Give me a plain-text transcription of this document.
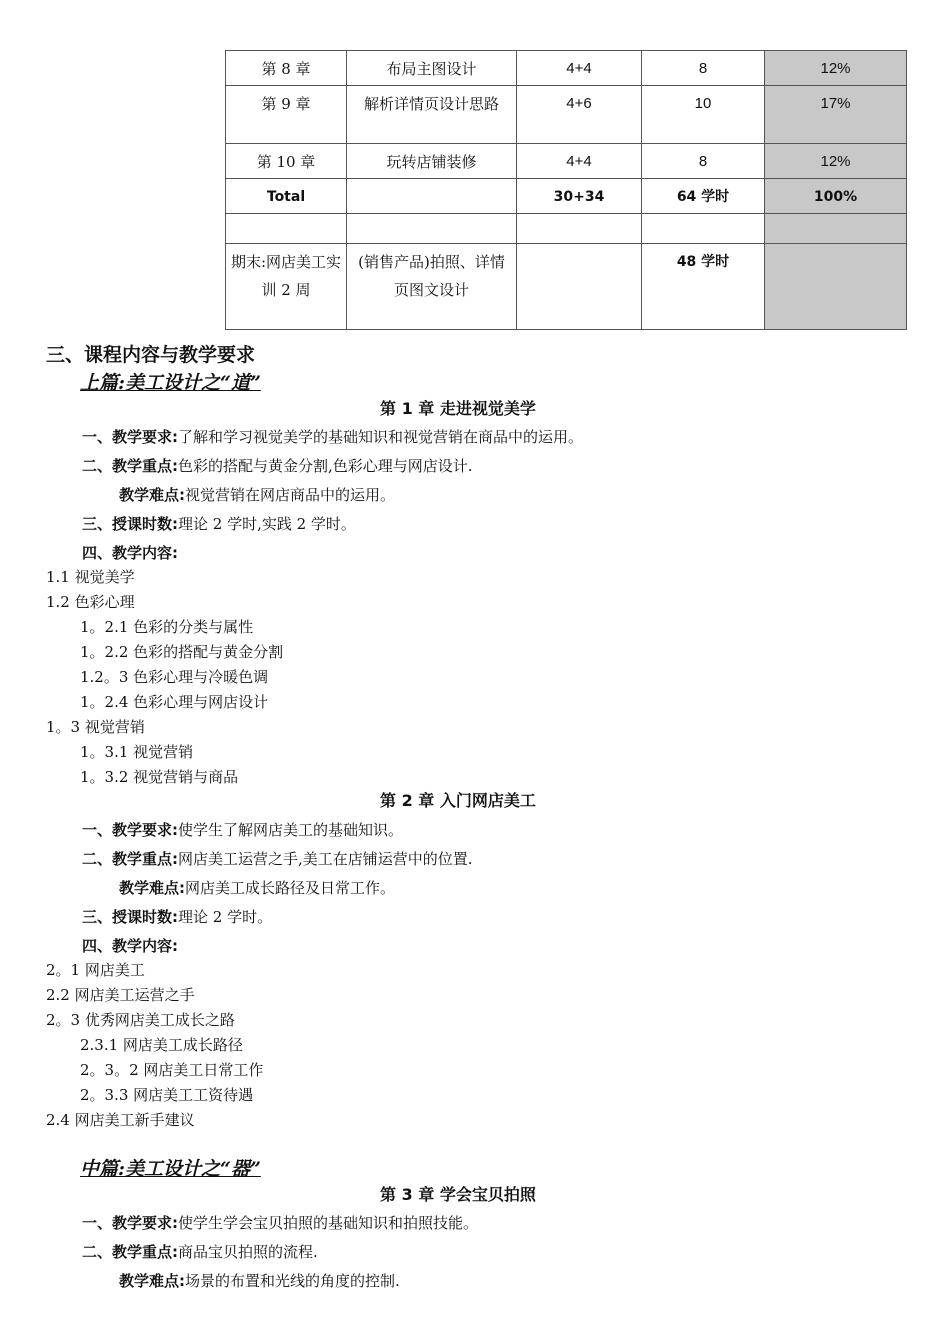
第 8 章	布局主图设计	4+4	8	12%
第 9 章	解析详情页设计思路	4+6	10	17%
第 10 章	玩转店铺装修	4+4	8	12%
Total		30+34	64 学时	100%

期末:网店美工实训 2 周	(销售产品)拍照、详情页图文设计		48 学时	
三、课程内容与教学要求
上篇:美工设计之“道”
第 1 章 走进视觉美学
一、教学要求:了解和学习视觉美学的基础知识和视觉营销在商品中的运用。
二、教学重点:色彩的搭配与黄金分割,色彩心理与网店设计.
教学难点:视觉营销在网店商品中的运用。
三、授课时数:理论 2 学时,实践 2 学时。
四、教学内容:
1.1 视觉美学
1.2 色彩心理
1。2.1 色彩的分类与属性
1。2.2 色彩的搭配与黄金分割
1.2。3 色彩心理与冷暖色调
1。2.4 色彩心理与网店设计
1。3 视觉营销
1。3.1 视觉营销
1。3.2 视觉营销与商品
第 2 章 入门网店美工
一、教学要求:使学生了解网店美工的基础知识。
二、教学重点:网店美工运营之手,美工在店铺运营中的位置.
教学难点:网店美工成长路径及日常工作。
三、授课时数:理论 2 学时。
四、教学内容:
2。1 网店美工
2.2 网店美工运营之手
2。3 优秀网店美工成长之路
2.3.1 网店美工成长路径
2。3。2 网店美工日常工作
2。3.3 网店美工工资待遇
2.4 网店美工新手建议
中篇:美工设计之“器”
第 3 章 学会宝贝拍照
一、教学要求:使学生学会宝贝拍照的基础知识和拍照技能。
二、教学重点:商品宝贝拍照的流程.
教学难点:场景的布置和光线的角度的控制.
